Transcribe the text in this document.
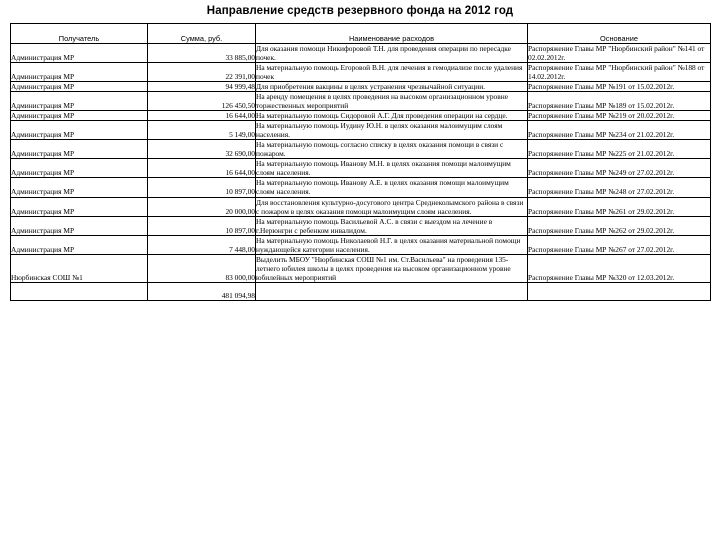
Направление средств резервного фонда на 2012 год
Получатель	Сумма, руб.	Наименование расходов	Основание
Администрация МР	33 885,00	Для оказания помощи Никифоровой Т.Н. для проведения операции по пересадке почек.	Распоряжение Главы МР "Нюрбинский район" №141 от 02.02.2012г.
Администрация МР	22 391,00	На материальную помощь Егоровой В.Н. для лечения в гемодиализе после удаления почек	Распоряжение Главы МР "Нюрбинский район" №188 от 14.02.2012г.
Администрация МР	94 999,48	Для приобретения вакцины в целях устранения чрезвычайной ситуации.	Распоряжение Главы МР №191 от 15.02.2012г.
Администрация МР	126 450,50	На аренду помещения в целях проведения на высоком организационном уровне торжественных мероприятий	Распоряжение Главы МР №189 от 15.02.2012г.
Администрация МР	16 644,00	На материальную помощь Сидоровой А.Г. Для проведения операции на сердце.	Распоряжение Главы МР №219 от 20.02.2012г.
Администрация МР	5 149,00	На материальную помощь Иудину Ю.Н. в целях оказания малоимущим слоям населения.	Распоряжение Главы МР №234 от 21.02.2012г.
Администрация МР	32 690,00	На материальную помощь согласно списку в целях оказания помощи в связи с пожаром.	Распоряжение Главы МР №225 от 21.02.2012г.
Администрация МР	16 644,00	На материальную помощь Иванову М.Н. в целях оказания помощи малоимущим слоям населения.	Распоряжение Главы МР №249 от 27.02.2012г.
Администрация МР	10 897,00	На материальную помощь Иванову А.Е. в целях оказания помощи малоимущим слоям населения.	Распоряжение Главы МР №248 от 27.02.2012г.
Администрация МР	20 000,00	Для восстановления культурно-досугового центра Среднеколымского района в связи с пожаром в целях оказания помощи малоимущим слоям населения.	Распоряжение Главы МР №261 от 29.02.2012г.
Администрация МР	10 897,00	На материальную помощь Васильевой А.С. в связи с выездом на лечение в г.Нерюнгри с ребенком инвалидом.	Распоряжение Главы МР №262 от 29.02.2012г.
Администрация МР	7 448,00	На материальную помощь Николаевой Н.Г. в целях оказания материальной помощи нуждающейся категории населения.	Распоряжение Главы МР №267 от 27.02.2012г.
Нюрбинская СОШ №1	83 000,00	Выделить МБОУ "Нюрбинская СОШ №1 им. Ст.Васильева" на проведения 135-летнего юбилея школы в целях проведения на высоком организационном уровне юбилейных мероприятий	Распоряжение Главы МР №320 от 12.03.2012г.
	481 094,98		
